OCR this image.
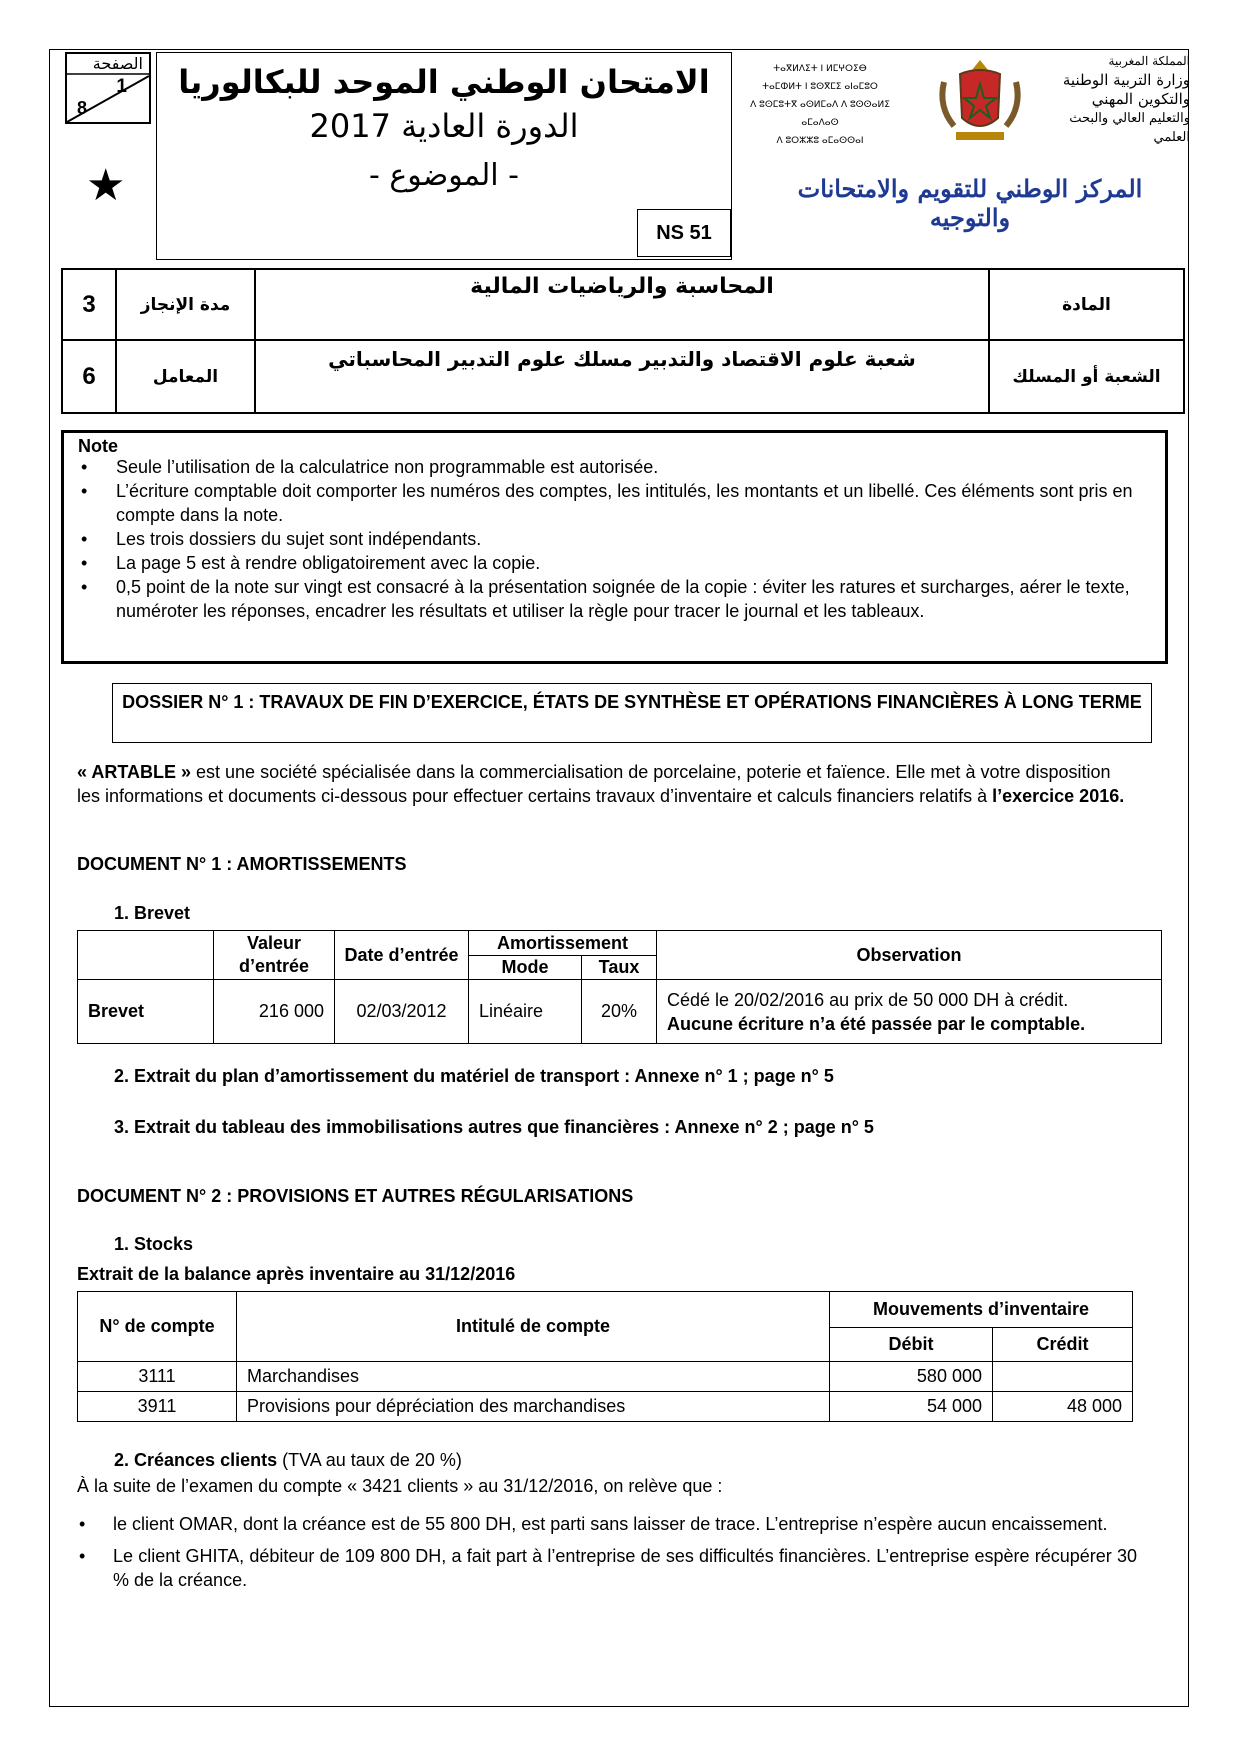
الصفحة
1
8
★
الامتحان الوطني الموحد للبكالوريا
الدورة العادية 2017
- الموضوع -
NS 51
ⵜⴰⴳⵍⴷⵉⵜ ⵏ ⵍⵎⵖⵔⵉⴱ
ⵜⴰⵎⵀⵍⵜ ⵏ ⵓⵙⴳⵎⵉ ⴰⵏⴰⵎⵓⵔ
ⴷ ⵓⵙⵎⵓⵜⴳ ⴰⵙⵍⵎⴰⴷ ⴷ ⵓⵙⵙⴰⵍⵉ ⴰⵎⴰⴷⴰⵙ
ⴷ ⵓⵔⵣⵣⵓ ⴰⵎⴰⵙⵙⴰⵏ
المملكة المغربية
وزارة التربية الوطنية
والتكوين المهني
والتعليم العالي والبحث العلمي
المركز الوطني للتقويم والامتحانات والتوجيه
3	مدة الإنجاز	المحاسبة والرياضيات المالية	المادة
6	المعامل	شعبة علوم الاقتصاد والتدبير مسلك علوم التدبير المحاسباتي	الشعبة أو المسلك
Note
• Seule l’utilisation de la calculatrice non programmable est autorisée.
• L’écriture comptable doit comporter les numéros des comptes, les intitulés, les montants et un libellé. Ces éléments sont pris en compte dans la note.
• Les trois dossiers du sujet sont indépendants.
• La page 5 est à rendre obligatoirement avec la copie.
• 0,5 point de la note sur vingt est consacré à la présentation soignée de la copie : éviter les ratures et surcharges, aérer le texte, numéroter les réponses, encadrer les résultats et utiliser la règle pour tracer le journal et les tableaux.
DOSSIER N° 1 : TRAVAUX DE FIN D’EXERCICE, ÉTATS DE SYNTHÈSE ET OPÉRATIONS FINANCIÈRES À LONG TERME
« ARTABLE » est une société spécialisée dans la commercialisation de porcelaine, poterie et faïence. Elle met à votre disposition les informations et documents ci-dessous pour effectuer certains travaux d’inventaire et calculs financiers relatifs à l’exercice 2016.
DOCUMENT N° 1 : AMORTISSEMENTS
1. Brevet
	Valeur d’entrée	Date d’entrée	Amortissement		Observation
			Mode	Taux	
Brevet	216 000	02/03/2012	Linéaire	20%	Cédé le 20/02/2016 au prix de 50 000 DH à crédit.
Aucune écriture n’a été passée par le comptable.
2. Extrait du plan d’amortissement du matériel de transport : Annexe n° 1 ; page n° 5
3. Extrait du tableau des immobilisations autres que financières : Annexe n° 2 ; page n° 5
DOCUMENT N° 2 : PROVISIONS ET AUTRES RÉGULARISATIONS
1. Stocks
Extrait de la balance après inventaire au 31/12/2016
N° de compte	Intitulé de compte	Mouvements d’inventaire	
		Débit	Crédit
3111	Marchandises	580 000	
3911	Provisions pour dépréciation des marchandises	54 000	48 000
2. Créances clients (TVA au taux de 20 %)
À la suite de l’examen du compte « 3421 clients » au 31/12/2016, on relève que :
• le client OMAR, dont la créance est de 55 800 DH, est parti sans laisser de trace. L’entreprise n’espère aucun encaissement.
• Le client GHITA, débiteur de 109 800 DH, a fait part à l’entreprise de ses difficultés financières. L’entreprise espère récupérer 30 % de la créance.
